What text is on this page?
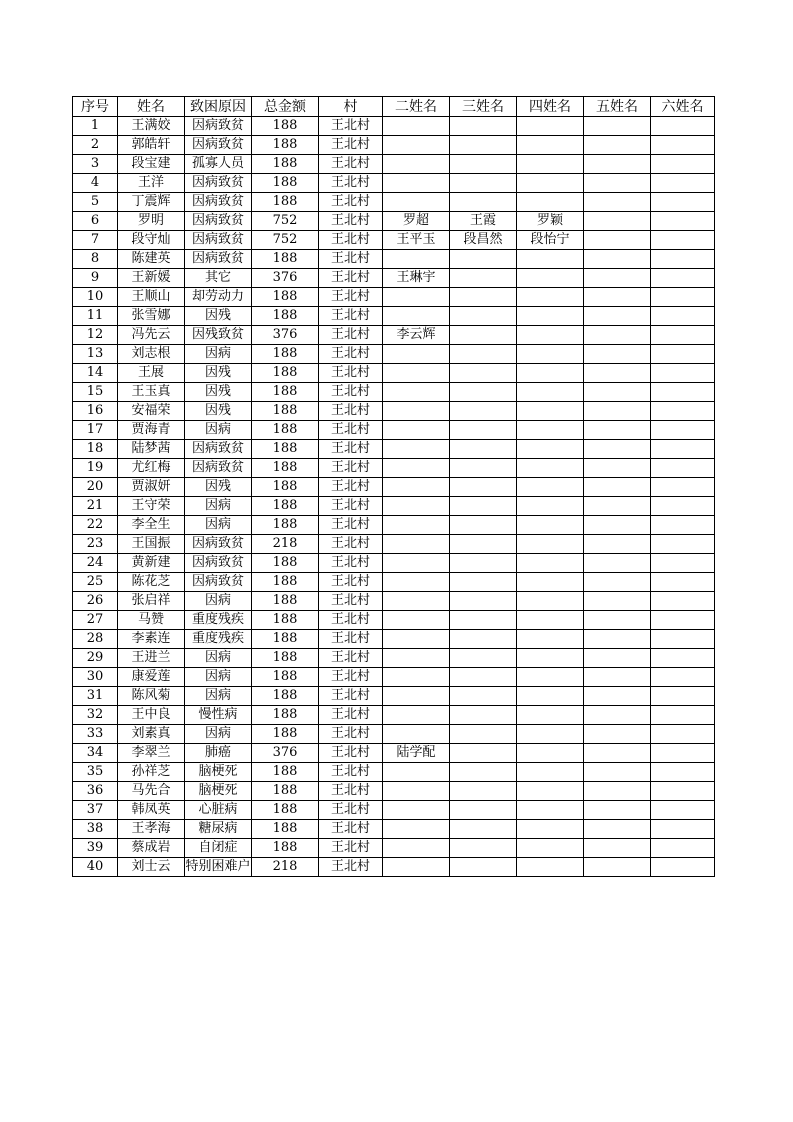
序号	姓名	致困原因	总金额	村	二姓名	三姓名	四姓名	五姓名	六姓名
1	王满姣	因病致贫	188	王北村					
2	郭皓轩	因病致贫	188	王北村					
3	段宝建	孤寡人员	188	王北村					
4	王洋	因病致贫	188	王北村					
5	丁震辉	因病致贫	188	王北村					
6	罗明	因病致贫	752	王北村	罗超	王霞	罗颖		
7	段守灿	因病致贫	752	王北村	王平玉	段昌然	段怡宁		
8	陈建英	因病致贫	188	王北村					
9	王新媛	其它	376	王北村	王琳宇				
10	王顺山	却劳动力	188	王北村					
11	张雪娜	因残	188	王北村					
12	冯先云	因残致贫	376	王北村	李云辉				
13	刘志根	因病	188	王北村					
14	王展	因残	188	王北村					
15	王玉真	因残	188	王北村					
16	安福荣	因残	188	王北村					
17	贾海青	因病	188	王北村					
18	陆梦茜	因病致贫	188	王北村					
19	尤红梅	因病致贫	188	王北村					
20	贾淑妍	因残	188	王北村					
21	王守荣	因病	188	王北村					
22	李全生	因病	188	王北村					
23	王国振	因病致贫	218	王北村					
24	黄新建	因病致贫	188	王北村					
25	陈花芝	因病致贫	188	王北村					
26	张启祥	因病	188	王北村					
27	马赞	重度残疾	188	王北村					
28	李素连	重度残疾	188	王北村					
29	王进兰	因病	188	王北村					
30	康爱莲	因病	188	王北村					
31	陈风菊	因病	188	王北村					
32	王中良	慢性病	188	王北村					
33	刘素真	因病	188	王北村					
34	李翠兰	肺癌	376	王北村	陆学配				
35	孙祥芝	脑梗死	188	王北村					
36	马先合	脑梗死	188	王北村					
37	韩凤英	心脏病	188	王北村					
38	王孝海	糖尿病	188	王北村					
39	蔡成岩	自闭症	188	王北村					
40	刘士云	特别困难户	218	王北村					
